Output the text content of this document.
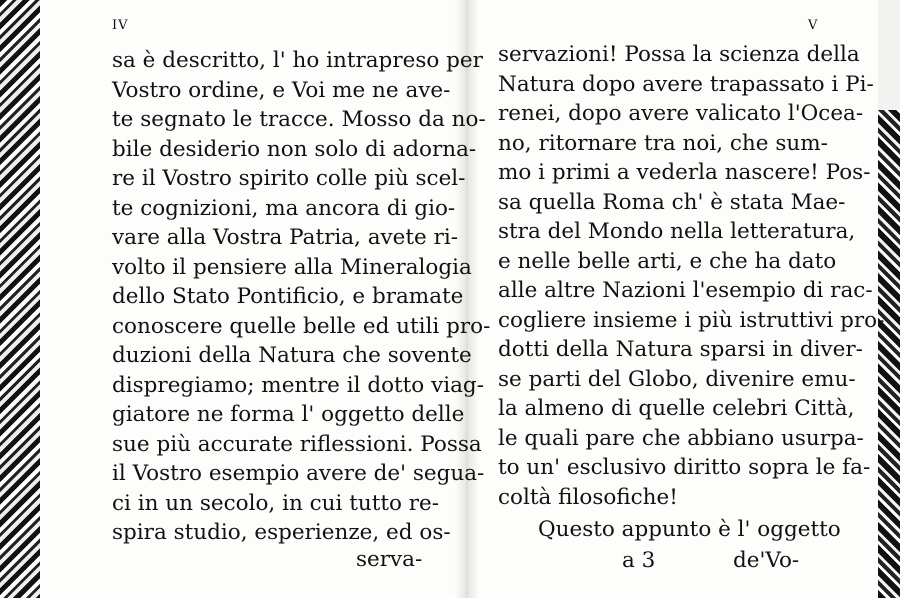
IV
sa è descritto, l' ho intrapreso per
Vostro ordine, e Voi me ne ave-
te segnato le tracce. Mosso da no-
bile desiderio non solo di adorna-
re il Vostro spirito colle più scel-
te cognizioni, ma ancora di gio-
vare alla Vostra Patria, avete ri-
volto il pensiere alla Mineralogia
dello Stato Pontificio, e bramate
conoscere quelle belle ed utili pro-
duzioni della Natura che sovente
dispregiamo; mentre il dotto viag-
giatore ne forma l' oggetto delle
sue più accurate riflessioni. Possa
il Vostro esempio avere de' segua-
ci in un secolo, in cui tutto re-
spira studio, esperienze, ed os-
serva-
V
servazioni! Possa la scienza della
Natura dopo avere trapassato i Pi-
renei, dopo avere valicato l'Ocea-
no, ritornare tra noi, che sum-
mo i primi a vederla nascere! Pos-
sa quella Roma ch' è stata Mae-
stra del Mondo nella letteratura,
e nelle belle arti, e che ha dato
alle altre Nazioni l'esempio di rac-
cogliere insieme i più istruttivi pro-
dotti della Natura sparsi in diver-
se parti del Globo, divenire emu-
la almeno di quelle celebri Città,
le quali pare che abbiano usurpa-
to un' esclusivo diritto sopra le fa-
coltà filosofiche!
Questo appunto è l' oggetto
a 3	de'Vo-
